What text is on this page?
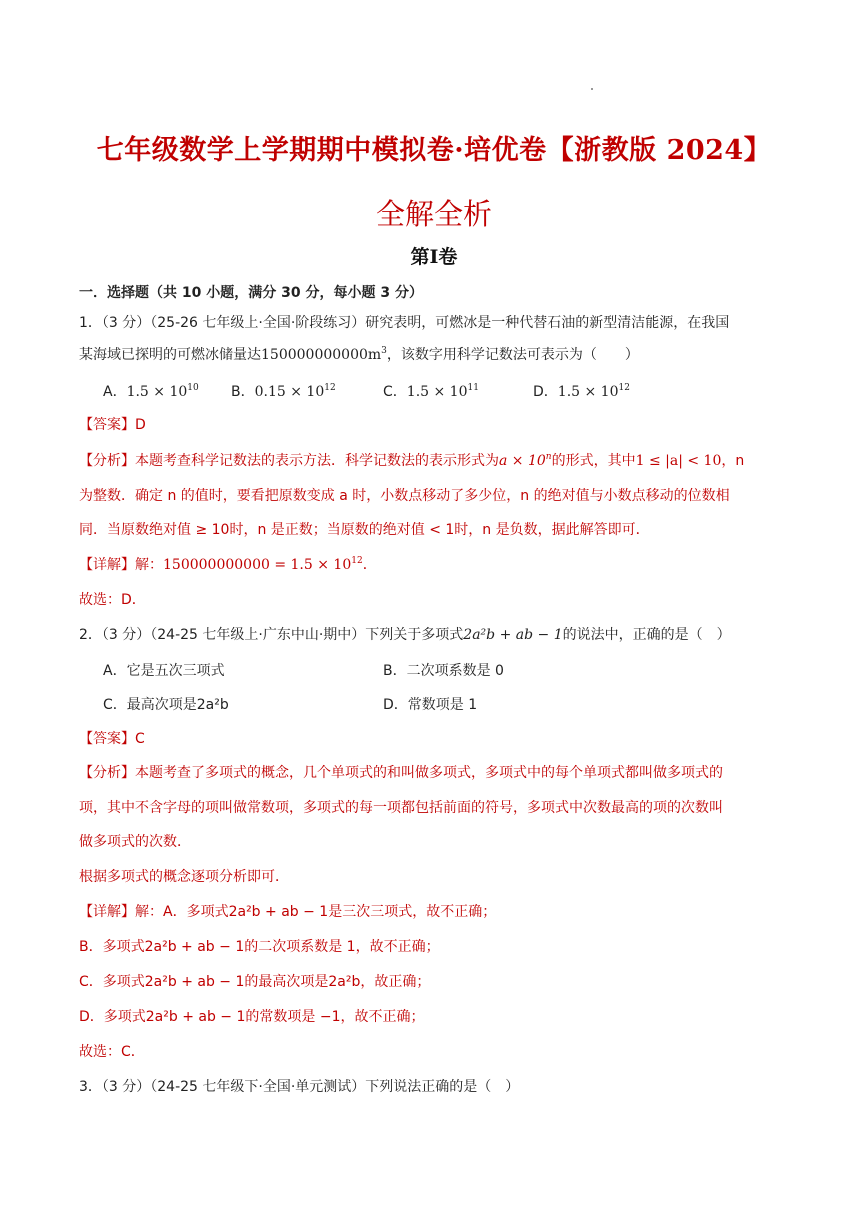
七年级数学上学期期中模拟卷·培优卷【浙教版 2024】
全解全析
第I卷
一．选择题（共 10 小题，满分 30 分，每小题 3 分）
1．（3 分）（25-26 七年级上·全国·阶段练习）研究表明，可燃冰是一种代替石油的新型清洁能源，在我国
某海域已探明的可燃冰储量达$150000000000m^3$，该数字用科学记数法可表示为（　　）
A．$1.5 \times 10^{10}$ B．$0.15 \times 10^{12}$	C．$1.5 \times 10^{11}$	D．$1.5 \times 10^{12}$
【答案】D
【分析】本题考查科学记数法的表示方法．科学记数法的表示形式为$a \times 10^n$的形式，其中1 ≤ |a| < 10，n
为整数．确定 n 的值时，要看把原数变成 a 时，小数点移动了多少位，n 的绝对值与小数点移动的位数相
同．当原数绝对值 ≥ 10时，n 是正数；当原数的绝对值 < 1时，n 是负数，据此解答即可．
【详解】解：$150000000000 = 1.5 \times 10^{12}$．
故选：D．
2．（3 分）（24-25 七年级上·广东中山·期中）下列关于多项式2a²b + ab − 1的说法中，正确的是（　）
A．它是五次三项式	B．二次项系数是 0
C．最高次项是2a²b	D．常数项是 1
【答案】C
【分析】本题考查了多项式的概念，几个单项式的和叫做多项式，多项式中的每个单项式都叫做多项式的
项，其中不含字母的项叫做常数项，多项式的每一项都包括前面的符号，多项式中次数最高的项的次数叫
做多项式的次数．
根据多项式的概念逐项分析即可．
【详解】解：A．多项式2a²b + ab − 1是三次三项式，故不正确；
B．多项式2a²b + ab − 1的二次项系数是 1，故不正确；
C．多项式2a²b + ab − 1的最高次项是2a²b，故正确；
D．多项式2a²b + ab − 1的常数项是 −1，故不正确；
故选：C．
3．（3 分）（24-25 七年级下·全国·单元测试）下列说法正确的是（　）
